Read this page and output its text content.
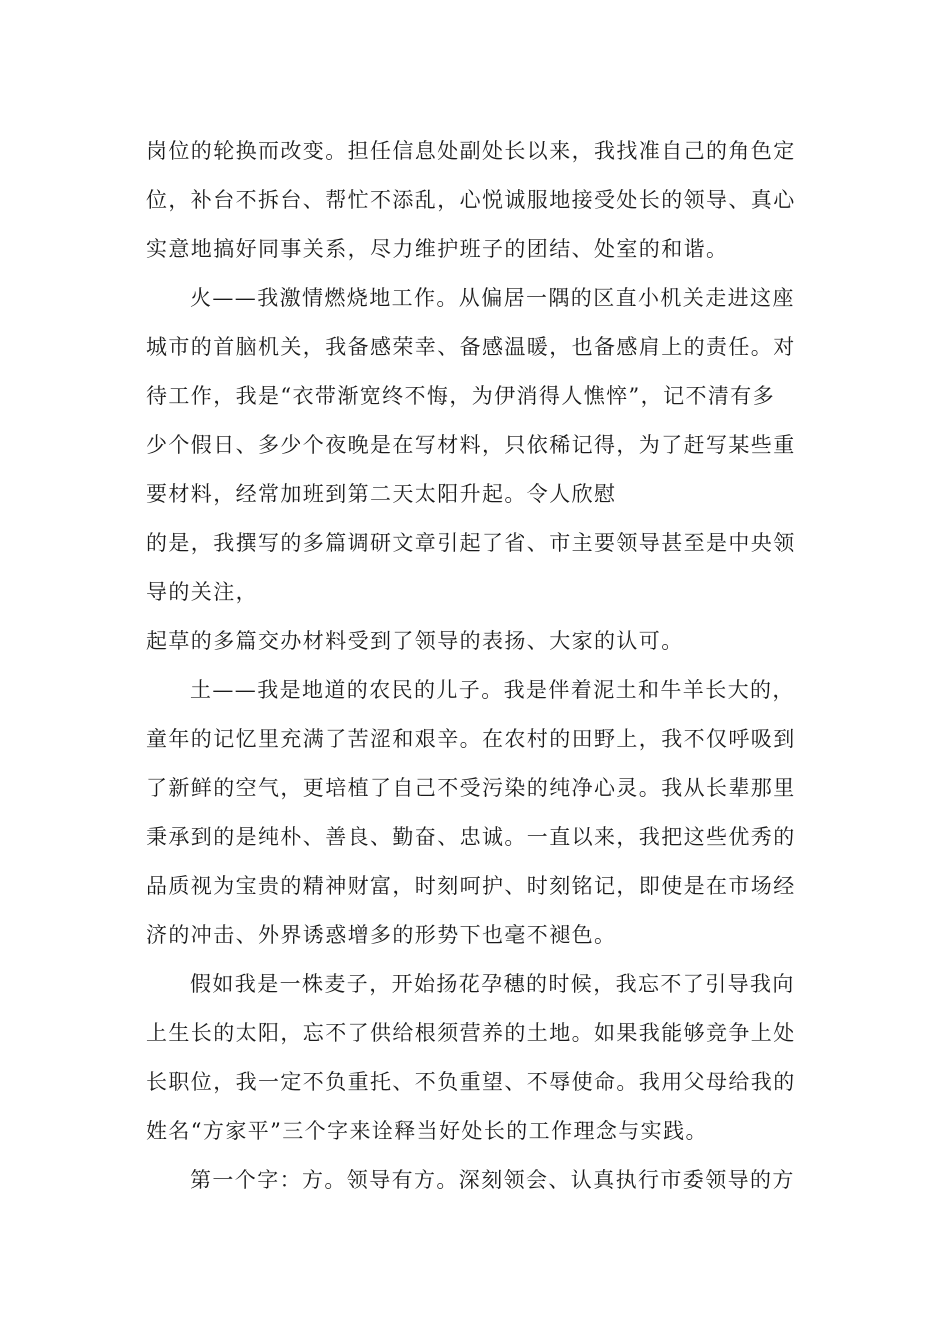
岗位的轮换而改变。担任信息处副处长以来，我找准自己的角色定
位，补台不拆台、帮忙不添乱，心悦诚服地接受处长的领导、真心
实意地搞好同事关系，尽力维护班子的团结、处室的和谐。
火——我激情燃烧地工作。从偏居一隅的区直小机关走进这座
城市的首脑机关，我备感荣幸、备感温暖，也备感肩上的责任。对
待工作，我是“衣带渐宽终不悔，为伊消得人憔悴”，记不清有多
少个假日、多少个夜晚是在写材料，只依稀记得，为了赶写某些重
要材料，经常加班到第二天太阳升起。令人欣慰
的是，我撰写的多篇调研文章引起了省、市主要领导甚至是中央领
导的关注，
起草的多篇交办材料受到了领导的表扬、大家的认可。
土——我是地道的农民的儿子。我是伴着泥土和牛羊长大的，
童年的记忆里充满了苦涩和艰辛。在农村的田野上，我不仅呼吸到
了新鲜的空气，更培植了自己不受污染的纯净心灵。我从长辈那里
秉承到的是纯朴、善良、勤奋、忠诚。一直以来，我把这些优秀的
品质视为宝贵的精神财富，时刻呵护、时刻铭记，即使是在市场经
济的冲击、外界诱惑增多的形势下也毫不褪色。
假如我是一株麦子，开始扬花孕穗的时候，我忘不了引导我向
上生长的太阳，忘不了供给根须营养的土地。如果我能够竞争上处
长职位，我一定不负重托、不负重望、不辱使命。我用父母给我的
姓名“方家平”三个字来诠释当好处长的工作理念与实践。
第一个字：方。领导有方。深刻领会、认真执行市委领导的方
